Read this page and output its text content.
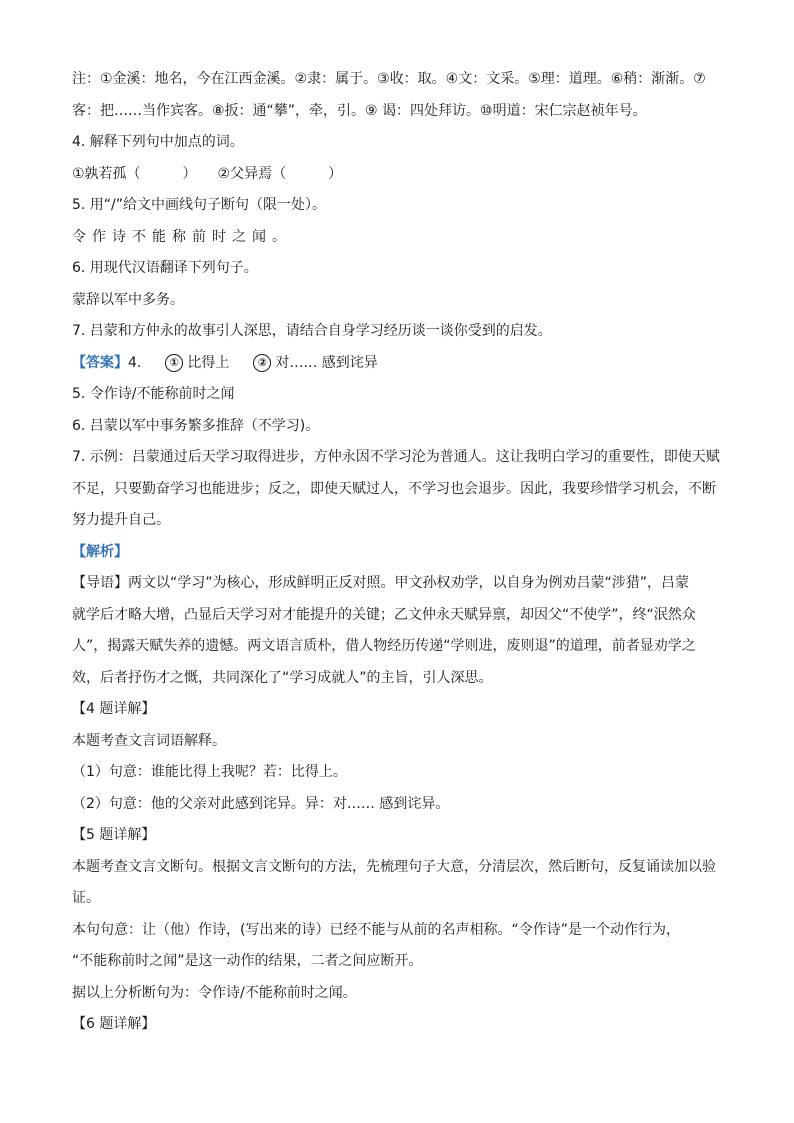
注：①金溪：地名，今在江西金溪。②隶：属于。③收：取。④文：文采。⑤理：道理。⑥稍：渐渐。⑦
客：把……当作宾客。⑧扳：通“攀”，牵，引。⑨ 谒：四处拜访。⑩明道：宋仁宗赵祯年号。
4. 解释下列句中加点的词。
①孰若孤（　　　）　　②父异焉（　　　）
5. 用“/”给文中画线句子断句（限一处）。
令作诗不能称前时之闻。
6. 用现代汉语翻译下列句子。
蒙辞以军中多务。
7. 吕蒙和方仲永的故事引人深思，请结合自身学习经历谈一谈你受到的启发。
【答案】4.	① 比得上	② 对…… 感到诧异
5. 令作诗/不能称前时之闻
6. 吕蒙以军中事务繁多推辞（不学习)。
7. 示例：吕蒙通过后天学习取得进步，方仲永因不学习沦为普通人。这让我明白学习的重要性，即使天赋
不足，只要勤奋学习也能进步；反之，即使天赋过人，不学习也会退步。因此，我要珍惜学习机会，不断
努力提升自己。
【解析】
【导语】两文以“学习”为核心，形成鲜明正反对照。甲文孙权劝学，以自身为例劝吕蒙“涉猎”，吕蒙
就学后才略大增，凸显后天学习对才能提升的关键；乙文仲永天赋异禀，却因父“不使学”，终“泯然众
人”，揭露天赋失养的遗憾。两文语言质朴，借人物经历传递“学则进，废则退”的道理，前者显劝学之
效，后者抒伤才之慨，共同深化了“学习成就人”的主旨，引人深思。
【4 题详解】
本题考查文言词语解释。
（1）句意：谁能比得上我呢？若：比得上。
（2）句意：他的父亲对此感到诧异。异：对…… 感到诧异。
【5 题详解】
本题考查文言文断句。根据文言文断句的方法，先梳理句子大意，分清层次，然后断句，反复诵读加以验
证。
本句句意：让（他）作诗，(写出来的诗）已经不能与从前的名声相称。“令作诗”是一个动作行为，
“不能称前时之闻”是这一动作的结果，二者之间应断开。
据以上分析断句为：令作诗/不能称前时之闻。
【6 题详解】
